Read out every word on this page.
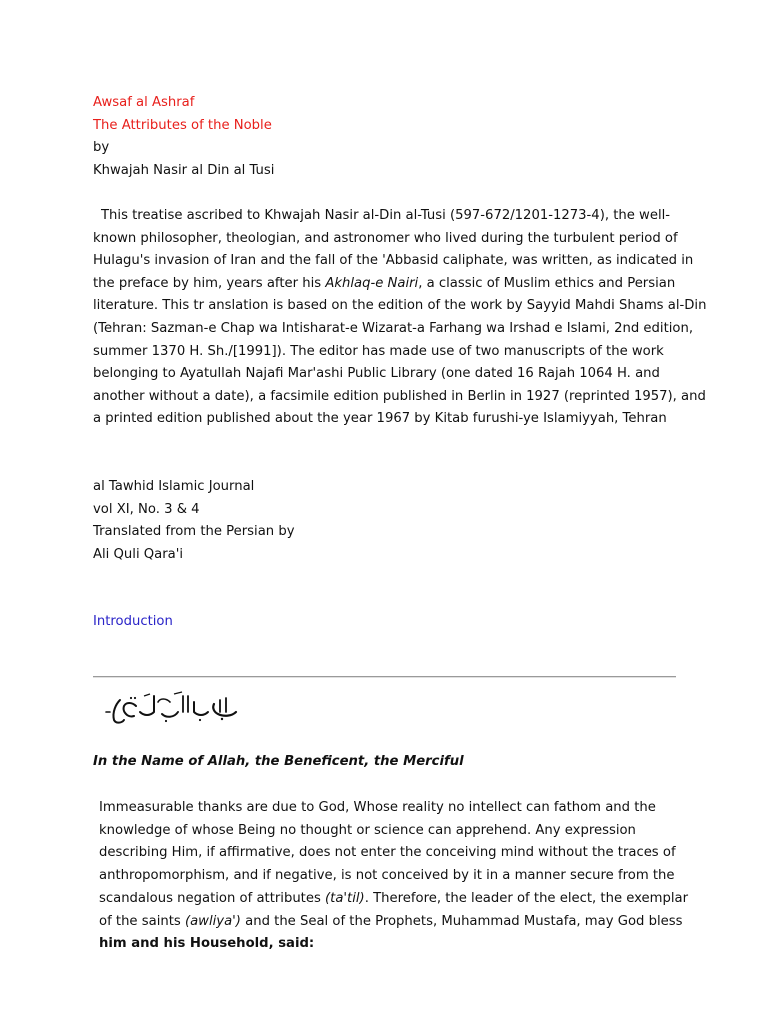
Awsaf al Ashraf
The Attributes of the Noble
by
Khwajah Nasir al Din al Tusi
This treatise ascribed to Khwajah Nasir al-Din al-Tusi (597-672/1201-1273-4), the well-
known philosopher, theologian, and astronomer who lived during the turbulent period of
Hulagu's invasion of Iran and the fall of the 'Abbasid caliphate, was written, as indicated in
the preface by him, years after his Akhlaq-e Nairi, a classic of Muslim ethics and Persian
literature. This tr anslation is based on the edition of the work by Sayyid Mahdi Shams al-Din
(Tehran: Sazman-e Chap wa Intisharat-e Wizarat-a Farhang wa Irshad e Islami, 2nd edition,
summer 1370 H. Sh./[1991]). The editor has made use of two manuscripts of the work
belonging to Ayatullah Najafi Mar'ashi Public Library (one dated 16 Rajah 1064 H. and
another without a date), a facsimile edition published in Berlin in 1927 (reprinted 1957), and
a printed edition published about the year 1967 by Kitab furushi-ye Islamiyyah, Tehran
al Tawhid Islamic Journal
vol XI, No. 3 & 4
Translated from the Persian by
Ali Quli Qara'i
Introduction
In the Name of Allah, the Beneficent, the Merciful
Immeasurable thanks are due to God, Whose reality no intellect can fathom and the
knowledge of whose Being no thought or science can apprehend. Any expression
describing Him, if affirmative, does not enter the conceiving mind without the traces of
anthropomorphism, and if negative, is not conceived by it in a manner secure from the
scandalous negation of attributes (ta'til). Therefore, the leader of the elect, the exemplar
of the saints (awliya') and the Seal of the Prophets, Muhammad Mustafa, may God bless
him and his Household, said:
